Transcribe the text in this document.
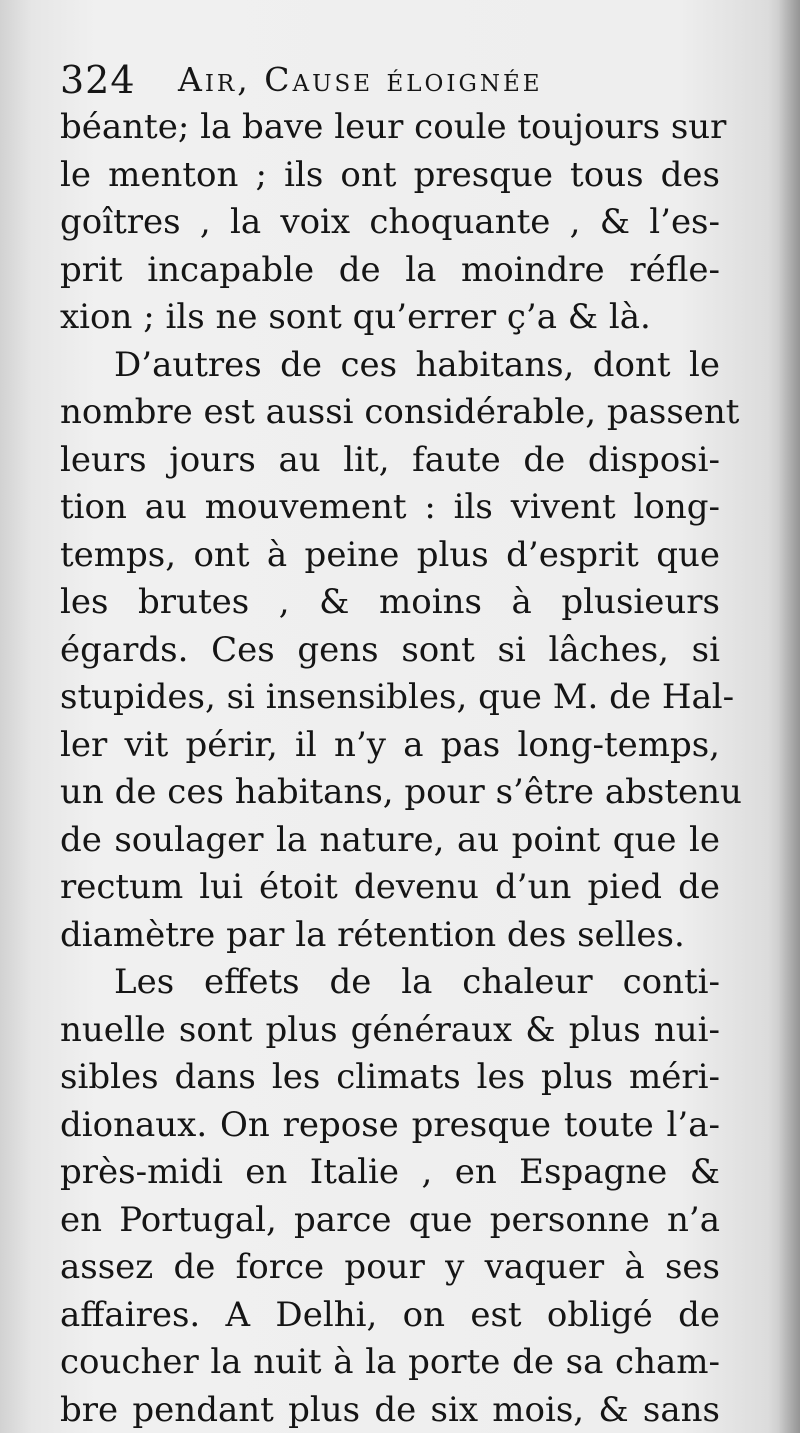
324 Air, Cause éloignée
béante; la bave leur coule toujours sur
le menton ; ils ont presque tous des
goîtres , la voix choquante , & l’es-
prit incapable de la moindre réfle-
xion ; ils ne sont qu’errer ç’a & là.
D’autres de ces habitans, dont le
nombre est aussi considérable, passent
leurs jours au lit, faute de disposi-
tion au mouvement : ils vivent long-
temps, ont à peine plus d’esprit que
les brutes , & moins à plusieurs
égards. Ces gens sont si lâches, si
stupides, si insensibles, que M. de Hal-
ler vit périr, il n’y a pas long-temps,
un de ces habitans, pour s’être abstenu
de soulager la nature, au point que le
rectum lui étoit devenu d’un pied de
diamètre par la rétention des selles.
Les effets de la chaleur conti-
nuelle sont plus généraux & plus nui-
sibles dans les climats les plus méri-
dionaux. On repose presque toute l’a-
près-midi en Italie , en Espagne &
en Portugal, parce que personne n’a
assez de force pour y vaquer à ses
affaires. A Delhi, on est obligé de
coucher la nuit à la porte de sa cham-
bre pendant plus de six mois, & sans
